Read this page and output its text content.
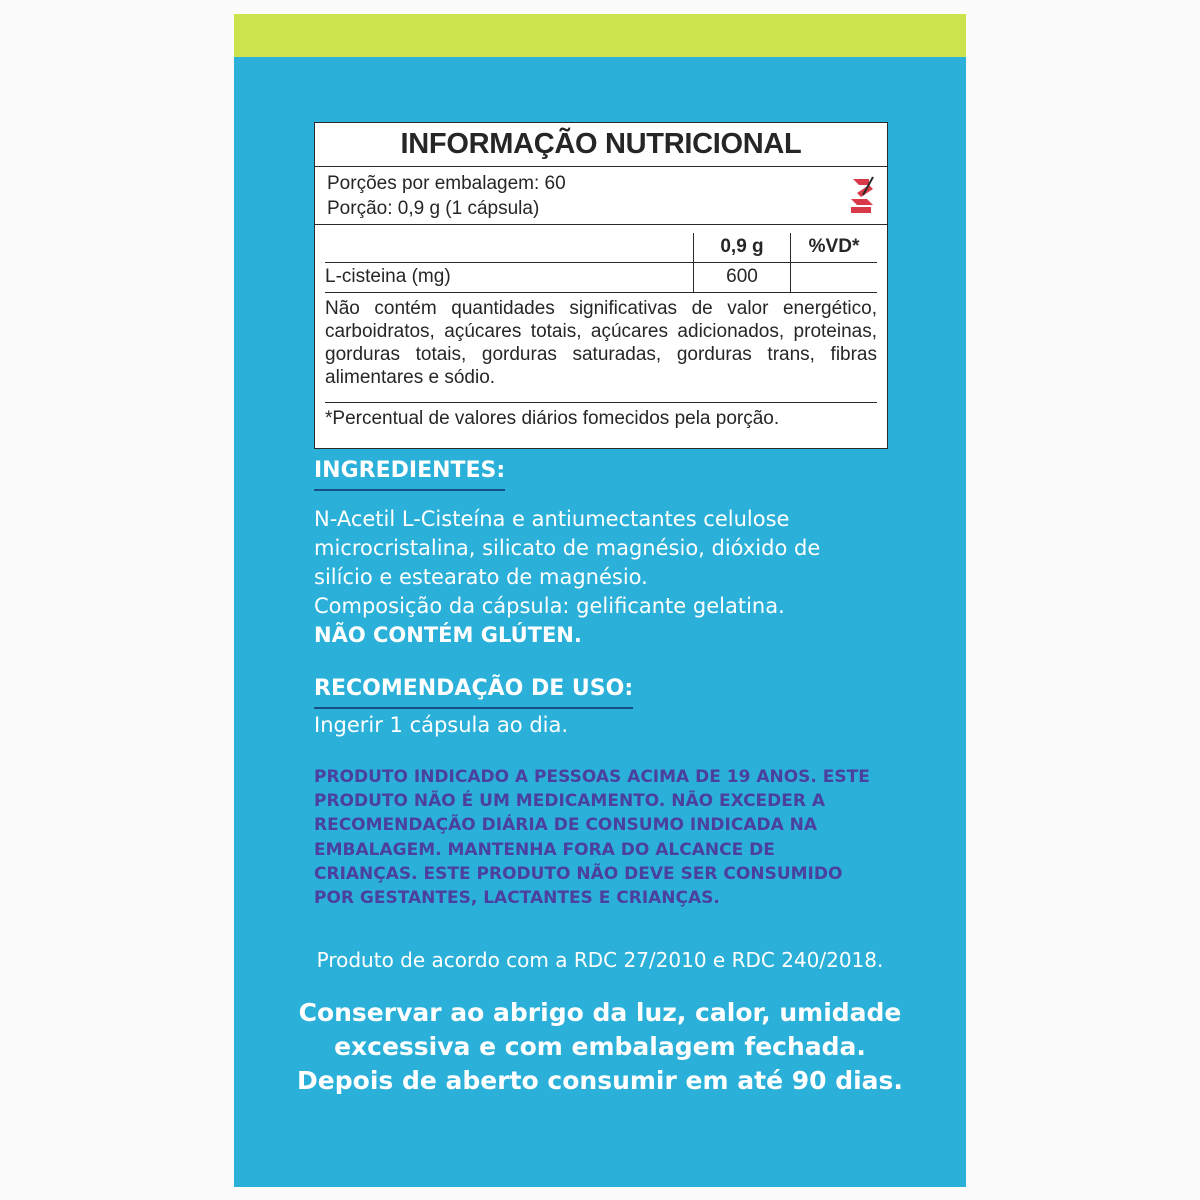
INFORMAÇÃO NUTRICIONAL
Porções por embalagem: 60
Porção: 0,9 g (1 cápsula)
0,9 g	%VD*
L-cisteina (mg)	600
Não contém quantidades significativas de valor energético, carboidratos, açúcares totais, açúcares adicionados, proteinas, gorduras totais, gorduras saturadas, gorduras trans, fibras alimentares e sódio.
*Percentual de valores diários fomecidos pela porção.
INGREDIENTES:
N-Acetil L-Cisteína e antiumectantes celulose
microcristalina, silicato de magnésio, dióxido de
silício e estearato de magnésio.
Composição da cápsula: gelificante gelatina.
NÃO CONTÉM GLÚTEN.
RECOMENDAÇÃO DE USO:
Ingerir 1 cápsula ao dia.
PRODUTO INDICADO A PESSOAS ACIMA DE 19 ANOS. ESTE
PRODUTO NÃO É UM MEDICAMENTO. NÃO EXCEDER A
RECOMENDAÇÃO DIÁRIA DE CONSUMO INDICADA NA
EMBALAGEM. MANTENHA FORA DO ALCANCE DE
CRIANÇAS. ESTE PRODUTO NÃO DEVE SER CONSUMIDO
POR GESTANTES, LACTANTES E CRIANÇAS.
Produto de acordo com a RDC 27/2010 e RDC 240/2018.
Conservar ao abrigo da luz, calor, umidade
excessiva e com embalagem fechada.
Depois de aberto consumir em até 90 dias.
